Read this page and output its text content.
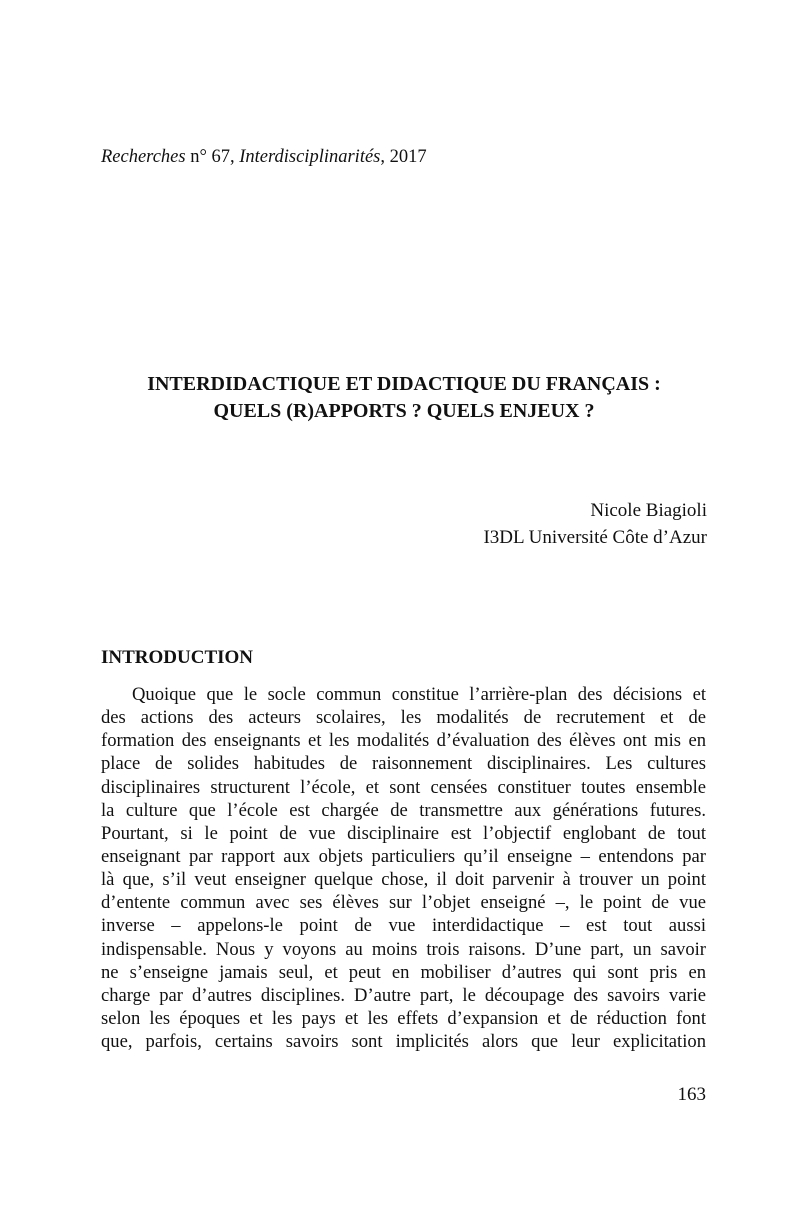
Recherches n° 67, Interdisciplinarités, 2017
INTERDIDACTIQUE ET DIDACTIQUE DU FRANÇAIS :
QUELS (R)APPORTS ? QUELS ENJEUX ?
Nicole Biagioli
I3DL Université Côte d’Azur
INTRODUCTION
Quoique que le socle commun constitue l’arrière-plan des décisions et
des actions des acteurs scolaires, les modalités de recrutement et de
formation des enseignants et les modalités d’évaluation des élèves ont mis en
place de solides habitudes de raisonnement disciplinaires. Les cultures
disciplinaires structurent l’école, et sont censées constituer toutes ensemble
la culture que l’école est chargée de transmettre aux générations futures.
Pourtant, si le point de vue disciplinaire est l’objectif englobant de tout
enseignant par rapport aux objets particuliers qu’il enseigne – entendons par
là que, s’il veut enseigner quelque chose, il doit parvenir à trouver un point
d’entente commun avec ses élèves sur l’objet enseigné –, le point de vue
inverse – appelons-le point de vue interdidactique – est tout aussi
indispensable. Nous y voyons au moins trois raisons. D’une part, un savoir
ne s’enseigne jamais seul, et peut en mobiliser d’autres qui sont pris en
charge par d’autres disciplines. D’autre part, le découpage des savoirs varie
selon les époques et les pays et les effets d’expansion et de réduction font
que, parfois, certains savoirs sont implicités alors que leur explicitation
163
